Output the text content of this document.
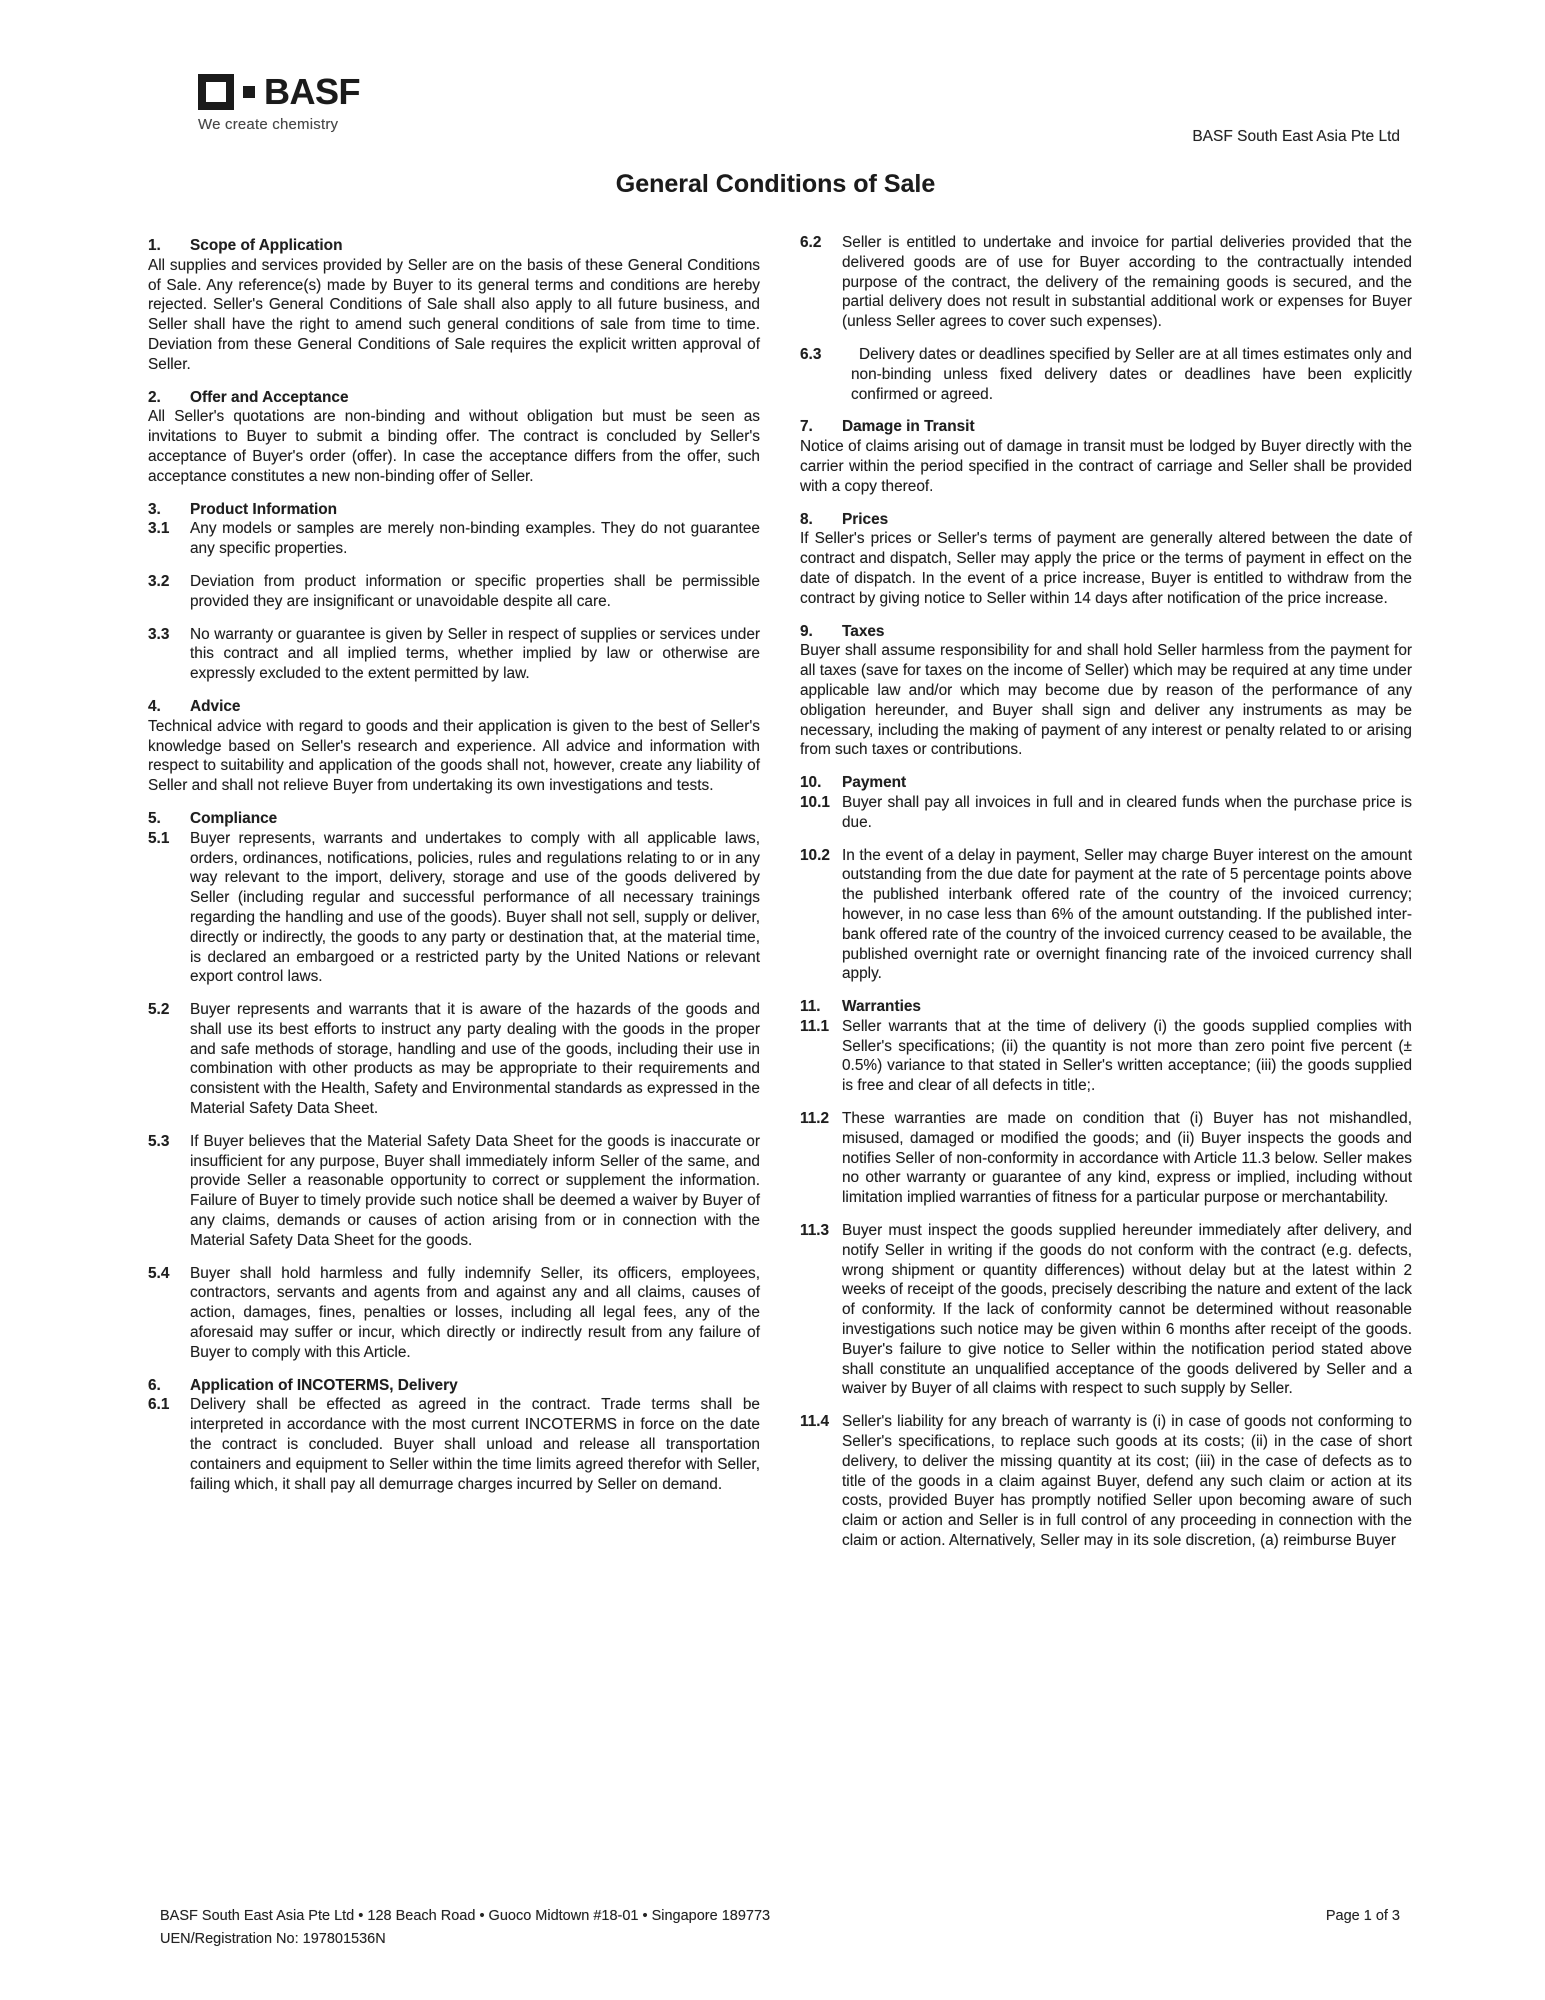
BASF
We create chemistry
BASF South East Asia Pte Ltd
General Conditions of Sale
1.	Scope of Application
All supplies and services provided by Seller are on the basis of these General Conditions of Sale. Any reference(s) made by Buyer to its general terms and conditions are hereby rejected. Seller's General Conditions of Sale shall also apply to all future business, and Seller shall have the right to amend such general conditions of sale from time to time. Deviation from these General Conditions of Sale requires the explicit written approval of Seller.
2.	Offer and Acceptance
All Seller's quotations are non-binding and without obligation but must be seen as invitations to Buyer to submit a binding offer. The contract is concluded by Seller's acceptance of Buyer's order (offer). In case the acceptance differs from the offer, such acceptance constitutes a new non-binding offer of Seller.
3.	Product Information
3.1	Any models or samples are merely non-binding examples. They do not guarantee any specific properties.
3.2	Deviation from product information or specific properties shall be permissible provided they are insignificant or unavoidable despite all care.
3.3	No warranty or guarantee is given by Seller in respect of supplies or services under this contract and all implied terms, whether implied by law or otherwise are expressly excluded to the extent permitted by law.
4.	Advice
Technical advice with regard to goods and their application is given to the best of Seller's knowledge based on Seller's research and experience. All advice and information with respect to suitability and application of the goods shall not, however, create any liability of Seller and shall not relieve Buyer from undertaking its own investigations and tests.
5.	Compliance
5.1	Buyer represents, warrants and undertakes to comply with all applicable laws, orders, ordinances, notifications, policies, rules and regulations relating to or in any way relevant to the import, delivery, storage and use of the goods delivered by Seller (including regular and successful performance of all necessary trainings regarding the handling and use of the goods). Buyer shall not sell, supply or deliver, directly or indirectly, the goods to any party or destination that, at the material time, is declared an embargoed or a restricted party by the United Nations or relevant export control laws.
5.2	Buyer represents and warrants that it is aware of the hazards of the goods and shall use its best efforts to instruct any party dealing with the goods in the proper and safe methods of storage, handling and use of the goods, including their use in combination with other products as may be appropriate to their requirements and consistent with the Health, Safety and Environmental standards as expressed in the Material Safety Data Sheet.
5.3	If Buyer believes that the Material Safety Data Sheet for the goods is inaccurate or insufficient for any purpose, Buyer shall immediately inform Seller of the same, and provide Seller a reasonable opportunity to correct or supplement the information. Failure of Buyer to timely provide such notice shall be deemed a waiver by Buyer of any claims, demands or causes of action arising from or in connection with the Material Safety Data Sheet for the goods.
5.4	Buyer shall hold harmless and fully indemnify Seller, its officers, employees, contractors, servants and agents from and against any and all claims, causes of action, damages, fines, penalties or losses, including all legal fees, any of the aforesaid may suffer or incur, which directly or indirectly result from any failure of Buyer to comply with this Article.
6.	Application of INCOTERMS, Delivery
6.1	Delivery shall be effected as agreed in the contract. Trade terms shall be interpreted in accordance with the most current INCOTERMS in force on the date the contract is concluded. Buyer shall unload and release all transportation containers and equipment to Seller within the time limits agreed therefor with Seller, failing which, it shall pay all demurrage charges incurred by Seller on demand.
6.2	Seller is entitled to undertake and invoice for partial deliveries provided that the delivered goods are of use for Buyer according to the contractually intended purpose of the contract, the delivery of the remaining goods is secured, and the partial delivery does not result in substantial additional work or expenses for Buyer (unless Seller agrees to cover such expenses).
6.3	Delivery dates or deadlines specified by Seller are at all times estimates only and non-binding unless fixed delivery dates or deadlines have been explicitly confirmed or agreed.
7.	Damage in Transit
Notice of claims arising out of damage in transit must be lodged by Buyer directly with the carrier within the period specified in the contract of carriage and Seller shall be provided with a copy thereof.
8.	Prices
If Seller's prices or Seller's terms of payment are generally altered between the date of contract and dispatch, Seller may apply the price or the terms of payment in effect on the date of dispatch. In the event of a price increase, Buyer is entitled to withdraw from the contract by giving notice to Seller within 14 days after notification of the price increase.
9.	Taxes
Buyer shall assume responsibility for and shall hold Seller harmless from the payment for all taxes (save for taxes on the income of Seller) which may be required at any time under applicable law and/or which may become due by reason of the performance of any obligation hereunder, and Buyer shall sign and deliver any instruments as may be necessary, including the making of payment of any interest or penalty related to or arising from such taxes or contributions.
10.	Payment
10.1 Buyer shall pay all invoices in full and in cleared funds when the purchase price is due.
10.2 In the event of a delay in payment, Seller may charge Buyer interest on the amount outstanding from the due date for payment at the rate of 5 percentage points above the published interbank offered rate of the country of the invoiced currency; however, in no case less than 6% of the amount outstanding. If the published inter-bank offered rate of the country of the invoiced currency ceased to be available, the published overnight rate or overnight financing rate of the invoiced currency shall apply.
11.	Warranties
11.1 Seller warrants that at the time of delivery (i) the goods supplied complies with Seller's specifications; (ii) the quantity is not more than zero point five percent (± 0.5%) variance to that stated in Seller's written acceptance; (iii) the goods supplied is free and clear of all defects in title;.
11.2 These warranties are made on condition that (i) Buyer has not mishandled, misused, damaged or modified the goods; and (ii) Buyer inspects the goods and notifies Seller of non-conformity in accordance with Article 11.3 below. Seller makes no other warranty or guarantee of any kind, express or implied, including without limitation implied warranties of fitness for a particular purpose or merchantability.
11.3 Buyer must inspect the goods supplied hereunder immediately after delivery, and notify Seller in writing if the goods do not conform with the contract (e.g. defects, wrong shipment or quantity differences) without delay but at the latest within 2 weeks of receipt of the goods, precisely describing the nature and extent of the lack of conformity. If the lack of conformity cannot be determined without reasonable investigations such notice may be given within 6 months after receipt of the goods. Buyer's failure to give notice to Seller within the notification period stated above shall constitute an unqualified acceptance of the goods delivered by Seller and a waiver by Buyer of all claims with respect to such supply by Seller.
11.4 Seller's liability for any breach of warranty is (i) in case of goods not conforming to Seller's specifications, to replace such goods at its costs; (ii) in the case of short delivery, to deliver the missing quantity at its cost; (iii) in the case of defects as to title of the goods in a claim against Buyer, defend any such claim or action at its costs, provided Buyer has promptly notified Seller upon becoming aware of such claim or action and Seller is in full control of any proceeding in connection with the claim or action. Alternatively, Seller may in its sole discretion, (a) reimburse Buyer
BASF South East Asia Pte Ltd • 128 Beach Road • Guoco Midtown #18-01 • Singapore 189773	Page 1 of 3
UEN/Registration No: 197801536N
